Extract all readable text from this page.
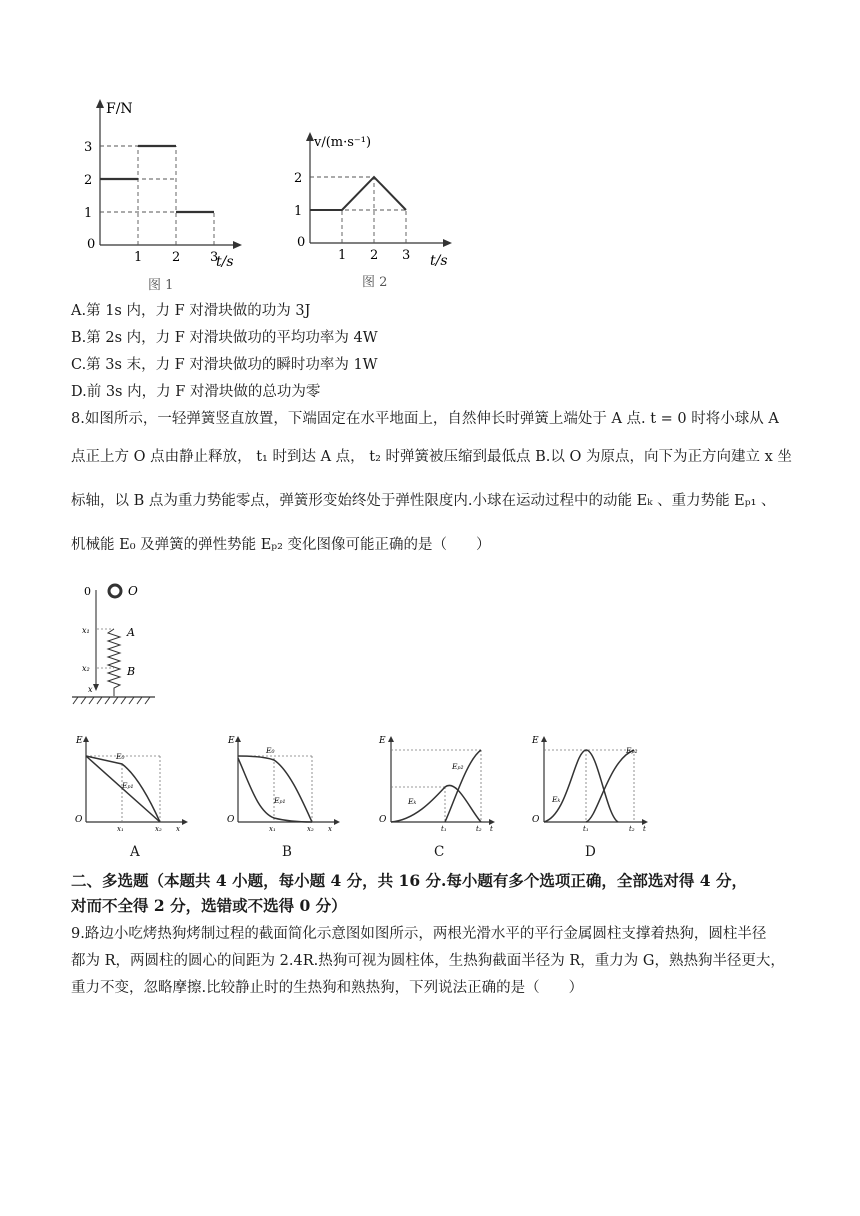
F/N
0
t/s
图 1
1
2
3
1 2 3
v/(m·s⁻¹)
0
t/s
图 2
1
2
1 2 3
A.第 1s 内，力 F 对滑块做的功为 3J
B.第 2s 内，力 F 对滑块做功的平均功率为 4W
C.第 3s 末，力 F 对滑块做功的瞬时功率为 1W
D.前 3s 内，力 F 对滑块做的总功为零
8.如图所示，一轻弹簧竖直放置，下端固定在水平地面上，自然伸长时弹簧上端处于 A 点. t = 0 时将小球从 A
点正上方 O 点由静止释放， t₁ 时到达 A 点， t₂ 时弹簧被压缩到最低点 B.以 O 为原点，向下为正方向建立 x 坐
标轴，以 B 点为重力势能零点，弹簧形变始终处于弹性限度内.小球在运动过程中的动能 Eₖ 、重力势能 Eₚ₁ 、
机械能 E₀ 及弹簧的弹性势能 Eₚ₂ 变化图像可能正确的是（　　）
0	O
x₁	A
x₂	B
x
E
O
E₀
Eₚ₁
x₁	x₂ x
A
E
O
E₀
Eₚ₁
x₁	x₂ x
B
E
O
Eₚ₂
Eₖ
t₁	t₂ t
C
E
O
Eₚ₂
Eₖ
t₁	t₂ t
D
二、多选题（本题共 4 小题，每小题 4 分，共 16 分.每小题有多个选项正确，全部选对得 4 分，
对而不全得 2 分，选错或不选得 0 分）
9.路边小吃烤热狗烤制过程的截面简化示意图如图所示，两根光滑水平的平行金属圆柱支撑着热狗，圆柱半径
都为 R，两圆柱的圆心的间距为 2.4R.热狗可视为圆柱体，生热狗截面半径为 R，重力为 G，熟热狗半径更大，
重力不变，忽略摩擦.比较静止时的生热狗和熟热狗，下列说法正确的是（　　）
